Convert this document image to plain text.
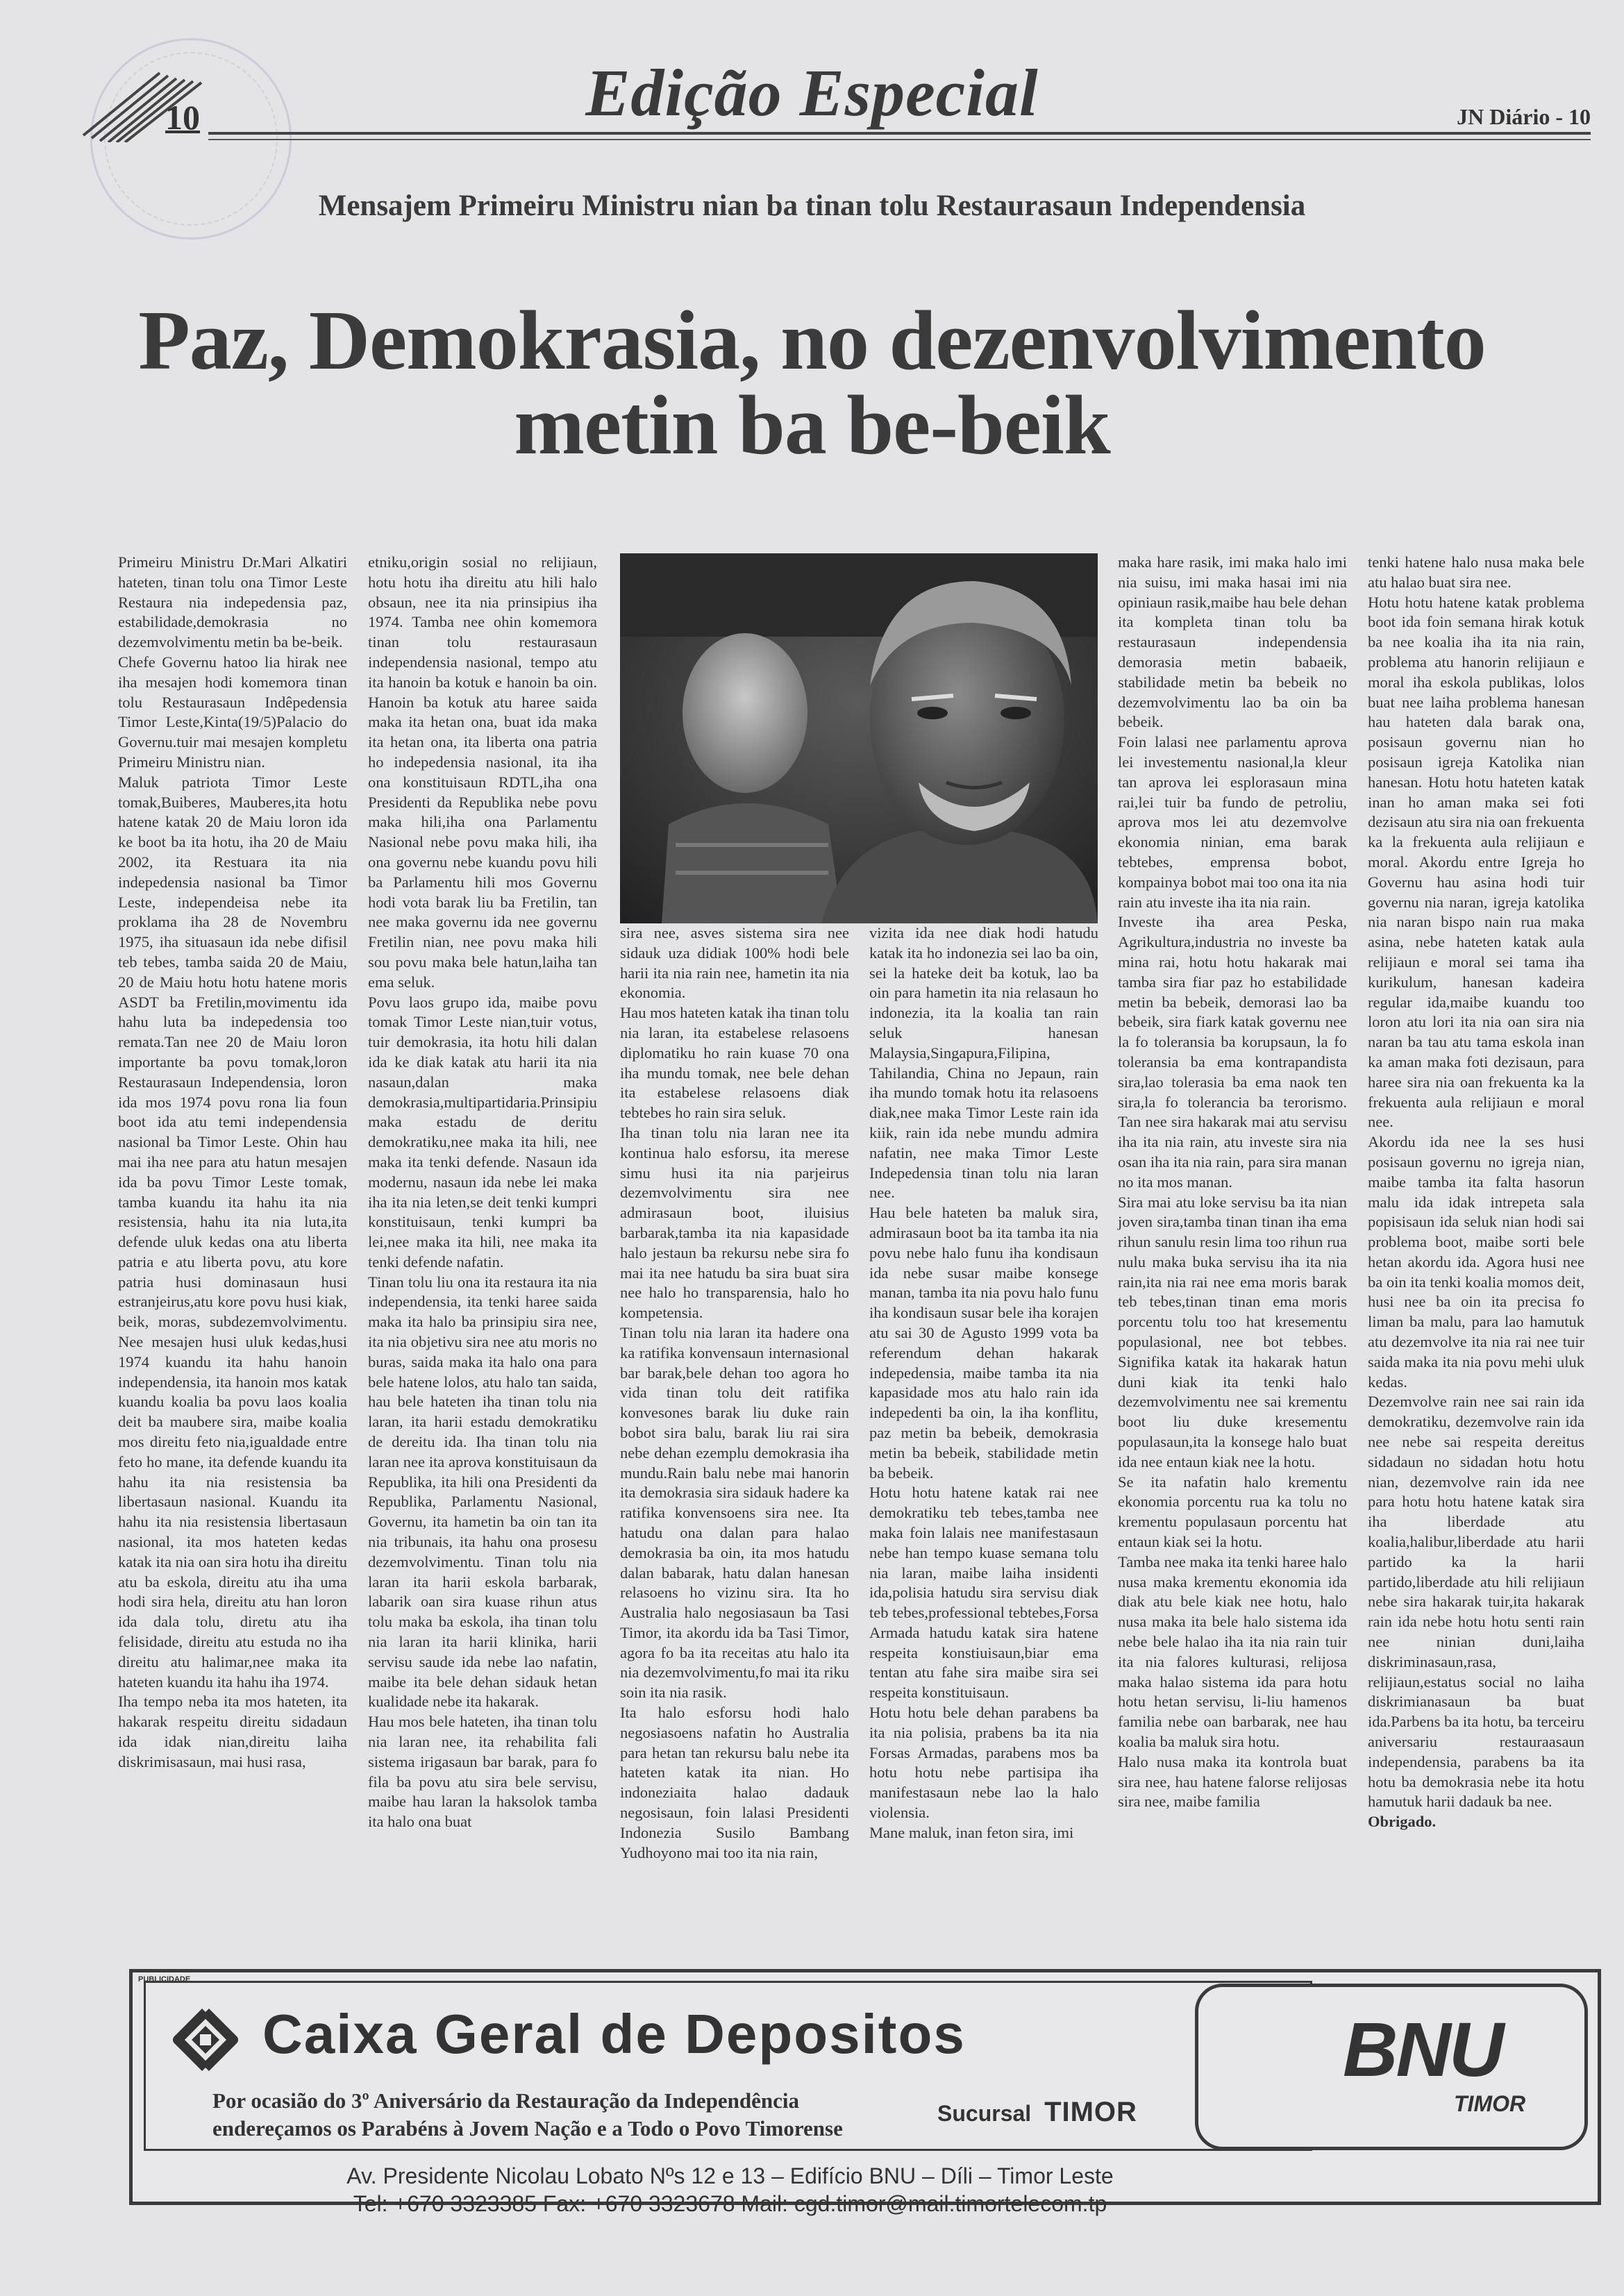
10	Edição Especial	JN Diário - 10
Mensajem Primeiru Ministru nian ba tinan tolu Restaurasaun Independensia
Paz, Demokrasia, no dezenvolvimento
metin ba be-beik

Primeiru Ministru Dr.Mari Alkatiri hateten, tinan tolu ona Timor Leste Restaura nia indepedensia paz, estabilidade,demokrasia no dezemvolvimentu metin ba be-beik.

Chefe Governu hatoo lia hirak nee iha mesajen hodi komemora tinan tolu Restaurasaun Indêpedensia Timor Leste,Kinta(19/5)Palacio do Governu.tuir mai mesajen kompletu Primeiru Ministru nian.

Maluk patriota Timor Leste tomak,Buiberes, Mauberes,ita hotu hatene katak 20 de Maiu loron ida ke boot ba ita hotu, iha 20 de Maiu 2002, ita Restuara ita nia indepedensia nasional ba Timor Leste, independeisa nebe ita proklama iha 28 de Novembru 1975, iha situasaun ida nebe difisil teb tebes, tamba saida 20 de Maiu, 20 de Maiu hotu hotu hatene moris ASDT ba Fretilin,movimentu ida hahu luta ba indepedensia too remata.Tan nee 20 de Maiu loron importante ba povu tomak,loron Restaurasaun Independensia, loron ida mos 1974 povu rona lia foun boot ida atu temi independensia nasional ba Timor Leste. Ohin hau mai iha nee para atu hatun mesajen ida ba povu Timor Leste tomak, tamba kuandu ita hahu ita nia resistensia, hahu ita nia luta,ita defende uluk kedas ona atu liberta patria e atu liberta povu, atu kore patria husi dominasaun husi estranjeirus,atu kore povu husi kiak, beik, moras, subdezemvolvimentu. Nee mesajen husi uluk kedas,husi 1974 kuandu ita hahu hanoin independensia, ita hanoin mos katak kuandu koalia ba povu laos koalia deit ba maubere sira, maibe koalia mos direitu feto nia,igualdade entre feto ho mane, ita defende kuandu ita hahu ita nia resistensia ba libertasaun nasional. Kuandu ita hahu ita nia resistensia libertasaun nasional, ita mos hateten kedas katak ita nia oan sira hotu iha direitu atu ba eskola, direitu atu iha uma hodi sira hela, direitu atu han loron ida dala tolu, diretu atu iha felisidade, direitu atu estuda no iha direitu atu halimar,nee maka ita hateten kuandu ita hahu iha 1974.

Iha tempo neba ita mos hateten, ita hakarak respeitu direitu sidadaun ida idak nian,direitu laiha diskrimisasaun, mai husi rasa,

etniku,origin sosial no relijiaun, hotu hotu iha direitu atu hili halo obsaun, nee ita nia prinsipius iha 1974. Tamba nee ohin komemora tinan tolu restaurasaun independensia nasional, tempo atu ita hanoin ba kotuk e hanoin ba oin. Hanoin ba kotuk atu haree saida maka ita hetan ona, buat ida maka ita hetan ona, ita liberta ona patria ho indepedensia nasional, ita iha ona konstituisaun RDTL,iha ona Presidenti da Republika nebe povu maka hili,iha ona Parlamentu Nasional nebe povu maka hili, iha ona governu nebe kuandu povu hili ba Parlamentu hili mos Governu hodi vota barak liu ba Fretilin, tan nee maka governu ida nee governu Fretilin nian, nee povu maka hili sou povu maka bele hatun,laiha tan ema seluk.

Povu laos grupo ida, maibe povu tomak Timor Leste nian,tuir votus, tuir demokrasia, ita hotu hili dalan ida ke diak katak atu harii ita nia nasaun,dalan maka demokrasia,multipartidaria.Prinsipiu maka estadu de deritu demokratiku,nee maka ita hili, nee maka ita tenki defende. Nasaun ida modernu, nasaun ida nebe lei maka iha ita nia leten,se deit tenki kumpri konstituisaun, tenki kumpri ba lei,nee maka ita hili, nee maka ita tenki defende nafatin.

Tinan tolu liu ona ita restaura ita nia independensia, ita tenki haree saida maka ita halo ba prinsipiu sira nee, ita nia objetivu sira nee atu moris no buras, saida maka ita halo ona para bele hatene lolos, atu halo tan saida, hau bele hateten iha tinan tolu nia laran, ita harii estadu demokratiku de dereitu ida. Iha tinan tolu nia laran nee ita aprova konstituisaun da Republika, ita hili ona Presidenti da Republika, Parlamentu Nasional, Governu, ita hametin ba oin tan ita nia tribunais, ita hahu ona prosesu dezemvolvimentu. Tinan tolu nia laran ita harii eskola barbarak, labarik oan sira kuase rihun atus tolu maka ba eskola, iha tinan tolu nia laran ita harii klinika, harii servisu saude ida nebe lao nafatin, maibe ita bele dehan sidauk hetan kualidade nebe ita hakarak.

Hau mos bele hateten, iha tinan tolu nia laran nee, ita rehabilita fali sistema irigasaun bar barak, para fo fila ba povu atu sira bele servisu, maibe hau laran la haksolok tamba ita halo ona buat

sira nee, asves sistema sira nee sidauk uza didiak 100% hodi bele harii ita nia rain nee, hametin ita nia ekonomia.

Hau mos hateten katak iha tinan tolu nia laran, ita estabelese relasoens diplomatiku ho rain kuase 70 ona iha mundu tomak, nee bele dehan ita estabelese relasoens diak tebtebes ho rain sira seluk.

Iha tinan tolu nia laran nee ita kontinua halo esforsu, ita merese simu husi ita nia parjeirus dezemvolvimentu sira nee admirasaun boot, iluisius barbarak,tamba ita nia kapasidade halo jestaun ba rekursu nebe sira fo mai ita nee hatudu ba sira buat sira nee halo ho transparensia, halo ho kompetensia.

Tinan tolu nia laran ita hadere ona ka ratifika konvensaun internasional bar barak,bele dehan too agora ho vida tinan tolu deit ratifika konvesones barak liu duke rain bobot sira balu, barak liu rai sira nebe dehan ezemplu demokrasia iha mundu.Rain balu nebe mai hanorin ita demokrasia sira sidauk hadere ka ratifika konvensoens sira nee. Ita hatudu ona dalan para halao demokrasia ba oin, ita mos hatudu dalan babarak, hatu dalan hanesan relasoens ho vizinu sira. Ita ho Australia halo negosiasaun ba Tasi Timor, ita akordu ida ba Tasi Timor, agora fo ba ita receitas atu halo ita nia dezemvolvimentu,fo mai ita riku soin ita nia rasik.

Ita halo esforsu hodi halo negosiasoens nafatin ho Australia para hetan tan rekursu balu nebe ita hateten katak ita nian. Ho indoneziaita halao dadauk negosisaun, foin lalasi Presidenti Indonezia Susilo Bambang Yudhoyono mai too ita nia rain,

vizita ida nee diak hodi hatudu katak ita ho indonezia sei lao ba oin, sei la hateke deit ba kotuk, lao ba oin para hametin ita nia relasaun ho indonezia, ita la koalia tan rain seluk hanesan Malaysia,Singapura,Filipina, Tahilandia, China no Jepaun, rain iha mundo tomak hotu ita relasoens diak,nee maka Timor Leste rain ida kiik, rain ida nebe mundu admira nafatin, nee maka Timor Leste Indepedensia tinan tolu nia laran nee.

Hau bele hateten ba maluk sira, admirasaun boot ba ita tamba ita nia povu nebe halo funu iha kondisaun ida nebe susar maibe konsege manan, tamba ita nia povu halo funu iha kondisaun susar bele iha korajen atu sai 30 de Agusto 1999 vota ba referendum dehan hakarak indepedensia, maibe tamba ita nia kapasidade mos atu halo rain ida indepedenti ba oin, la iha konflitu, paz metin ba bebeik, demokrasia metin ba bebeik, stabilidade metin ba bebeik.

Hotu hotu hatene katak rai nee demokratiku teb tebes,tamba nee maka foin lalais nee manifestasaun nebe han tempo kuase semana tolu nia laran, maibe laiha insidenti ida,polisia hatudu sira servisu diak teb tebes,professional tebtebes,Forsa Armada hatudu katak sira hatene respeita konstiuisaun,biar ema tentan atu fahe sira maibe sira sei respeita konstituisaun.

Hotu hotu bele dehan parabens ba ita nia polisia, prabens ba ita nia Forsas Armadas, parabens mos ba hotu hotu nebe partisipa iha manifestasaun nebe lao la halo violensia.

Mane maluk, inan feton sira, imi

maka hare rasik, imi maka halo imi nia suisu, imi maka hasai imi nia opiniaun rasik,maibe hau bele dehan ita kompleta tinan tolu ba restaurasaun independensia demorasia metin babaeik, stabilidade metin ba bebeik no dezemvolvimentu lao ba oin ba bebeik.

Foin lalasi nee parlamentu aprova lei investementu nasional,la kleur tan aprova lei esplorasaun mina rai,lei tuir ba fundo de petroliu, aprova mos lei atu dezemvolve ekonomia ninian, ema barak tebtebes, emprensa bobot, kompainya bobot mai too ona ita nia rain atu investe iha ita nia rain.

Investe iha area Peska, Agrikultura,industria no investe ba mina rai, hotu hotu hakarak mai tamba sira fiar paz ho estabilidade metin ba bebeik, demorasi lao ba bebeik, sira fiark katak governu nee la fo toleransia ba korupsaun, la fo toleransia ba ema kontrapandista sira,lao tolerasia ba ema naok ten sira,la fo tolerancia ba terorismo. Tan nee sira hakarak mai atu servisu iha ita nia rain, atu investe sira nia osan iha ita nia rain, para sira manan no ita mos manan.

Sira mai atu loke servisu ba ita nian joven sira,tamba tinan tinan iha ema rihun sanulu resin lima too rihun rua nulu maka buka servisu iha ita nia rain,ita nia rai nee ema moris barak teb tebes,tinan tinan ema moris porcentu tolu too hat kresementu populasional, nee bot tebbes. Signifika katak ita hakarak hatun duni kiak ita tenki halo dezemvolvimentu nee sai krementu boot liu duke kresementu populasaun,ita la konsege halo buat ida nee entaun kiak nee la hotu.

Se ita nafatin halo krementu ekonomia porcentu rua ka tolu no krementu populasaun porcentu hat entaun kiak sei la hotu.

Tamba nee maka ita tenki haree halo nusa maka krementu ekonomia ida diak atu bele kiak nee hotu, halo nusa maka ita bele halo sistema ida nebe bele halao iha ita nia rain tuir ita nia falores kulturasi, relijosa maka halao sistema ida para hotu hotu hetan servisu, li-liu hamenos familia nebe oan barbarak, nee hau koalia ba maluk sira hotu.

Halo nusa maka ita kontrola buat sira nee, hau hatene falorse relijosas sira nee, maibe familia

tenki hatene halo nusa maka bele atu halao buat sira nee.

Hotu hotu hatene katak problema boot ida foin semana hirak kotuk ba nee koalia iha ita nia rain, problema atu hanorin relijiaun e moral iha eskola publikas, lolos buat nee laiha problema hanesan hau hateten dala barak ona, posisaun governu nian ho posisaun igreja Katolika nian hanesan. Hotu hotu hateten katak inan ho aman maka sei foti dezisaun atu sira nia oan frekuenta ka la frekuenta aula relijiaun e moral. Akordu entre Igreja ho Governu hau asina hodi tuir governu nia naran, igreja katolika nia naran bispo nain rua maka asina, nebe hateten katak aula relijiaun e moral sei tama iha kurikulum, hanesan kadeira regular ida,maibe kuandu too loron atu lori ita nia oan sira nia naran ba tau atu tama eskola inan ka aman maka foti dezisaun, para haree sira nia oan frekuenta ka la frekuenta aula relijiaun e moral nee.

Akordu ida nee la ses husi posisaun governu no igreja nian, maibe tamba ita falta hasorun malu ida idak intrepeta sala popisisaun ida seluk nian hodi sai problema boot, maibe sorti bele hetan akordu ida. Agora husi nee ba oin ita tenki koalia momos deit, husi nee ba oin ita precisa fo liman ba malu, para lao hamutuk atu dezemvolve ita nia rai nee tuir saida maka ita nia povu mehi uluk kedas.

Dezemvolve rain nee sai rain ida demokratiku, dezemvolve rain ida nee nebe sai respeita dereitus sidadaun no sidadan hotu hotu nian, dezemvolve rain ida nee para hotu hotu hatene katak sira iha liberdade atu koalia,halibur,liberdade atu harii partido ka la harii partido,liberdade atu hili relijiaun nebe sira hakarak tuir,ita hakarak rain ida nebe hotu hotu senti rain nee ninian duni,laiha diskriminasaun,rasa, relijiaun,estatus social no laiha diskrimianasaun ba buat ida.Parbens ba ita hotu, ba terceiru aniversariu restauraasaun independensia, parabens ba ita hotu ba demokrasia nebe ita hotu hamutuk harii dadauk ba nee.

Obrigado.

PUBLICIDADE
Caixa Geral de Depositos
Por ocasião do 3º Aniversário da Restauração da Independência
endereçamos os Parabéns à Jovem Nação e a Todo o Povo Timorense
Sucursal TIMOR
Av. Presidente Nicolau Lobato Nºs 12 e 13 – Edifício BNU – Díli – Timor Leste
Tel: +670 3323385 Fax: +670 3323678 Mail: cgd.timor@mail.timortelecom.tp
BNU
TIMOR
